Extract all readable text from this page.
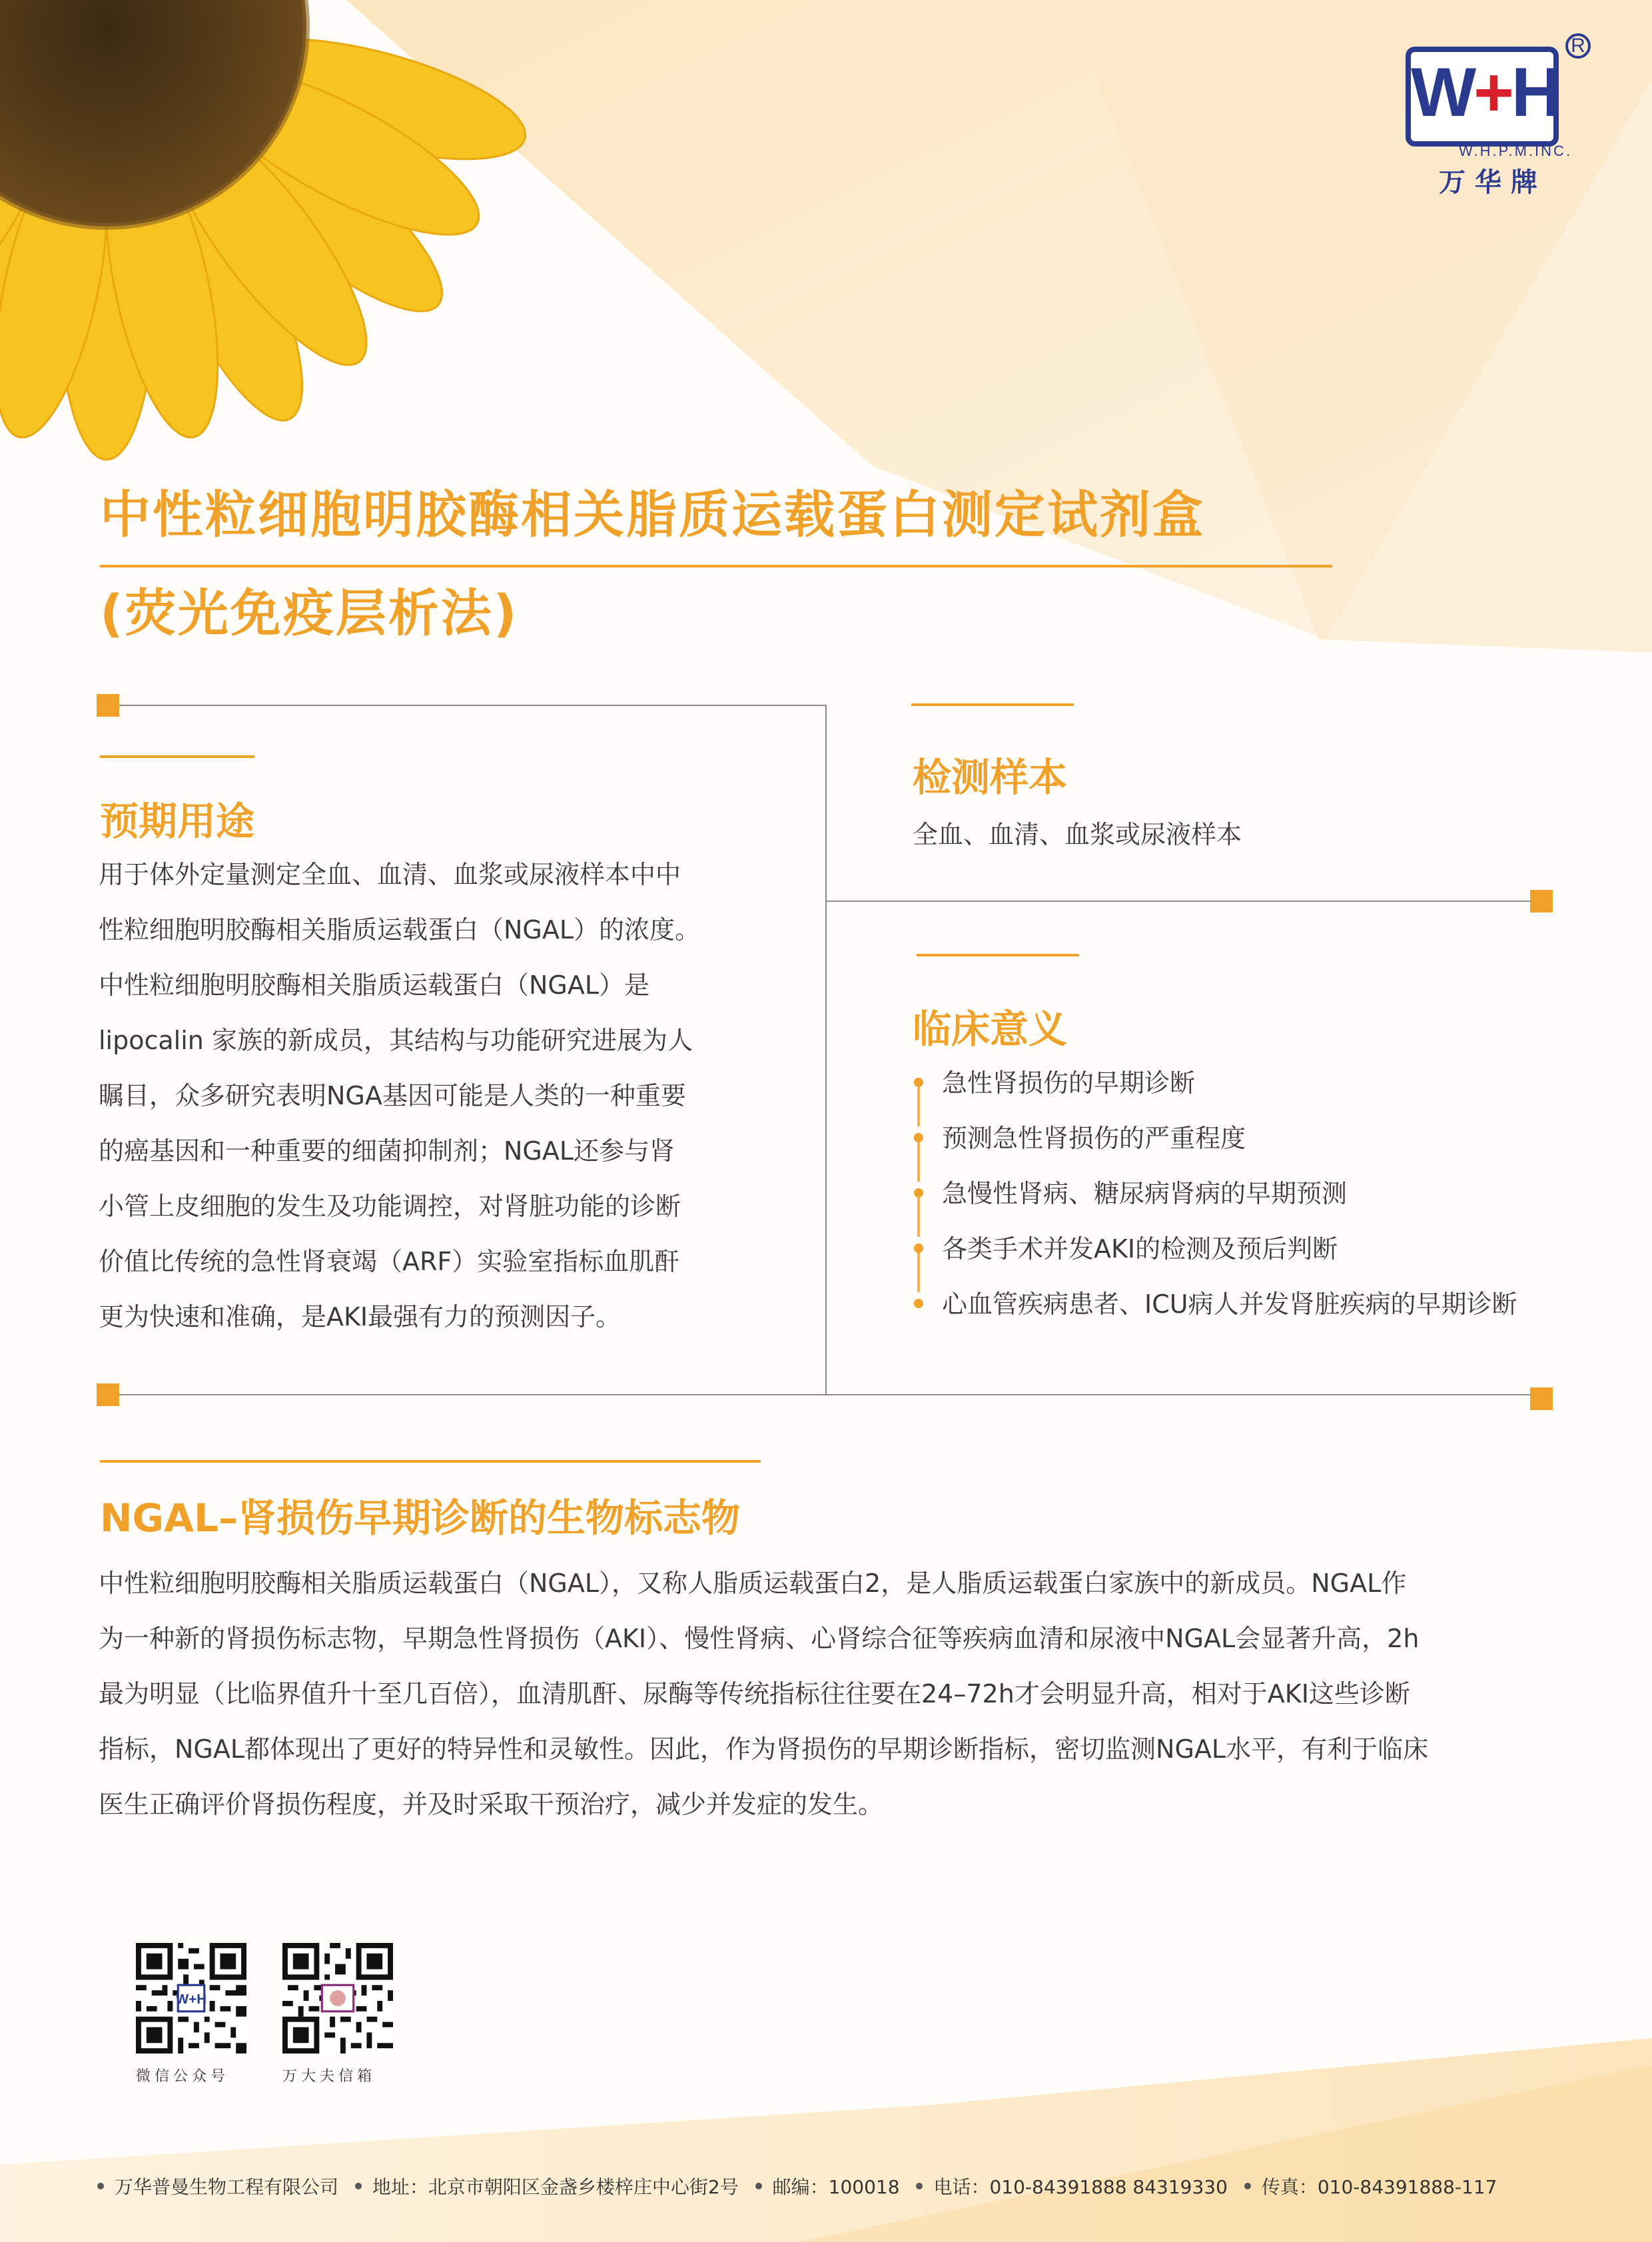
W+H
R
W.H.P.M.INC.
万华牌
中性粒细胞明胶酶相关脂质运载蛋白测定试剂盒
(荧光免疫层析法)
预期用途
用于体外定量测定全血、血清、血浆或尿液样本中中
性粒细胞明胶酶相关脂质运载蛋白（NGAL）的浓度。
中性粒细胞明胶酶相关脂质运载蛋白（NGAL）是
lipocalin 家族的新成员，其结构与功能研究进展为人
瞩目，众多研究表明NGA基因可能是人类的一种重要
的癌基因和一种重要的细菌抑制剂；NGAL还参与肾
小管上皮细胞的发生及功能调控，对肾脏功能的诊断
价值比传统的急性肾衰竭（ARF）实验室指标血肌酐
更为快速和准确，是AKI最强有力的预测因子。
检测样本
全血、血清、血浆或尿液样本
临床意义
急性肾损伤的早期诊断
预测急性肾损伤的严重程度
急慢性肾病、糖尿病肾病的早期预测
各类手术并发AKI的检测及预后判断
心血管疾病患者、ICU病人并发肾脏疾病的早期诊断
NGAL–肾损伤早期诊断的生物标志物
中性粒细胞明胶酶相关脂质运载蛋白（NGAL），又称人脂质运载蛋白2，是人脂质运载蛋白家族中的新成员。NGAL作
为一种新的肾损伤标志物，早期急性肾损伤（AKI）、慢性肾病、心肾综合征等疾病血清和尿液中NGAL会显著升高，2h
最为明显（比临界值升十至几百倍），血清肌酐、尿酶等传统指标往往要在24–72h才会明显升高，相对于AKI这些诊断
指标，NGAL都体现出了更好的特异性和灵敏性。因此，作为肾损伤的早期诊断指标，密切监测NGAL水平，有利于临床
医生正确评价肾损伤程度，并及时采取干预治疗，减少并发症的发生。
W+H
微信公众号	万大夫信箱
万华普曼生物工程有限公司 地址：北京市朝阳区金盏乡楼梓庄中心街2号 邮编：100018 电话：010-84391888 84319330 传真：010-84391888-117
